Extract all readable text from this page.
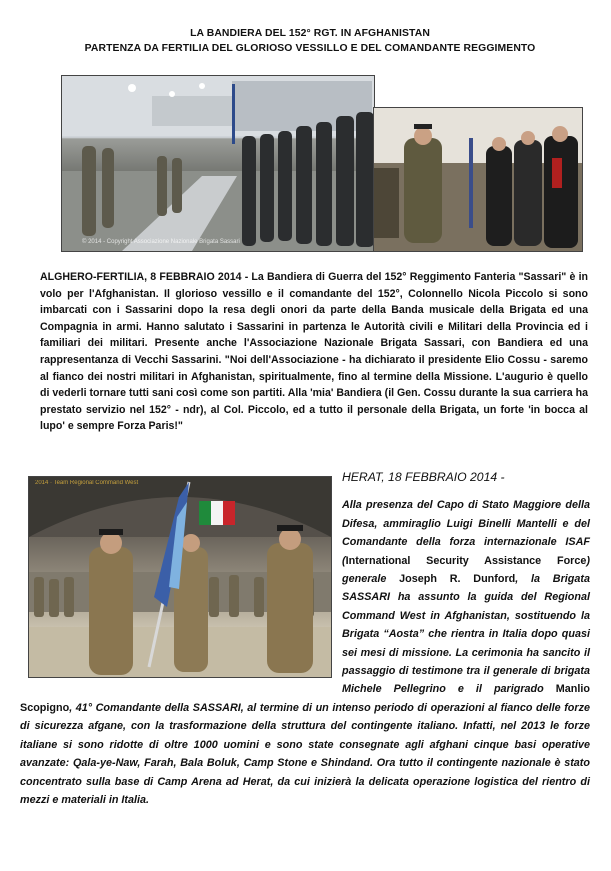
LA BANDIERA DEL 152° RGT. IN AFGHANISTAN
PARTENZA DA FERTILIA DEL GLORIOSO VESSILLO E DEL COMANDANTE REGGIMENTO
© 2014 - Copyright Associazione Nazionale Brigata Sassari
ALGHERO-FERTILIA, 8 FEBBRAIO 2014 - La Bandiera di Guerra del 152° Reggimento Fanteria "Sassari" è in volo per l'Afghanistan. Il glorioso vessillo e il comandante del 152°, Colonnello Nicola Piccolo si sono imbarcati con i Sassarini dopo la resa degli onori da parte della Banda musicale della Brigata ed una Compagnia in armi. Hanno salutato i Sassarini in partenza le Autorità civili e Militari della Provincia ed i familiari dei militari. Presente anche l'Associazione Nazionale Brigata Sassari, con Bandiera ed una rappresentanza di Vecchi Sassarini. "Noi dell'Associazione - ha dichiarato il presidente Elio Cossu - saremo al fianco dei nostri militari in Afghanistan, spiritualmente, fino al termine della Missione. L'augurio è quello di vederli tornare tutti sani così come son partiti. Alla 'mia' Bandiera (il Gen. Cossu durante la sua carriera ha prestato servizio nel 152° - ndr), al Col. Piccolo, ed a tutto il personale della Brigata, un forte 'in bocca al lupo' e sempre Forza Paris!"
2014 · Team Regional Command West	HERAT, 18 FEBBRAIO 2014 -
Alla presenza del Capo di Stato Maggiore della Difesa, ammiraglio Luigi Binelli Mantelli e del Comandante della forza internazionale ISAF (International Security Assistance Force) generale Joseph R. Dunford, la Brigata SASSARI ha assunto la guida del Regional Command West in Afghanistan, sostituendo la Brigata “Aosta” che rientra in Italia dopo quasi sei mesi di missione. La cerimonia ha sancito il passaggio di testimone tra il generale di brigata Michele Pellegrino e il parigrado Manlio Scopigno, 41° Comandante della SASSARI, al termine di un intenso periodo di operazioni al fianco delle forze di sicurezza afgane, con la trasformazione della struttura del contingente italiano. Infatti, nel 2013 le forze italiane si sono ridotte di oltre 1000 uomini e sono state consegnate agli afghani cinque basi operative avanzate: Qala-ye-Naw, Farah, Bala Boluk, Camp Stone e Shindand. Ora tutto il contingente nazionale è stato concentrato sulla base di Camp Arena ad Herat, da cui inizierà la delicata operazione logistica del rientro di mezzi e materiali in Italia.
